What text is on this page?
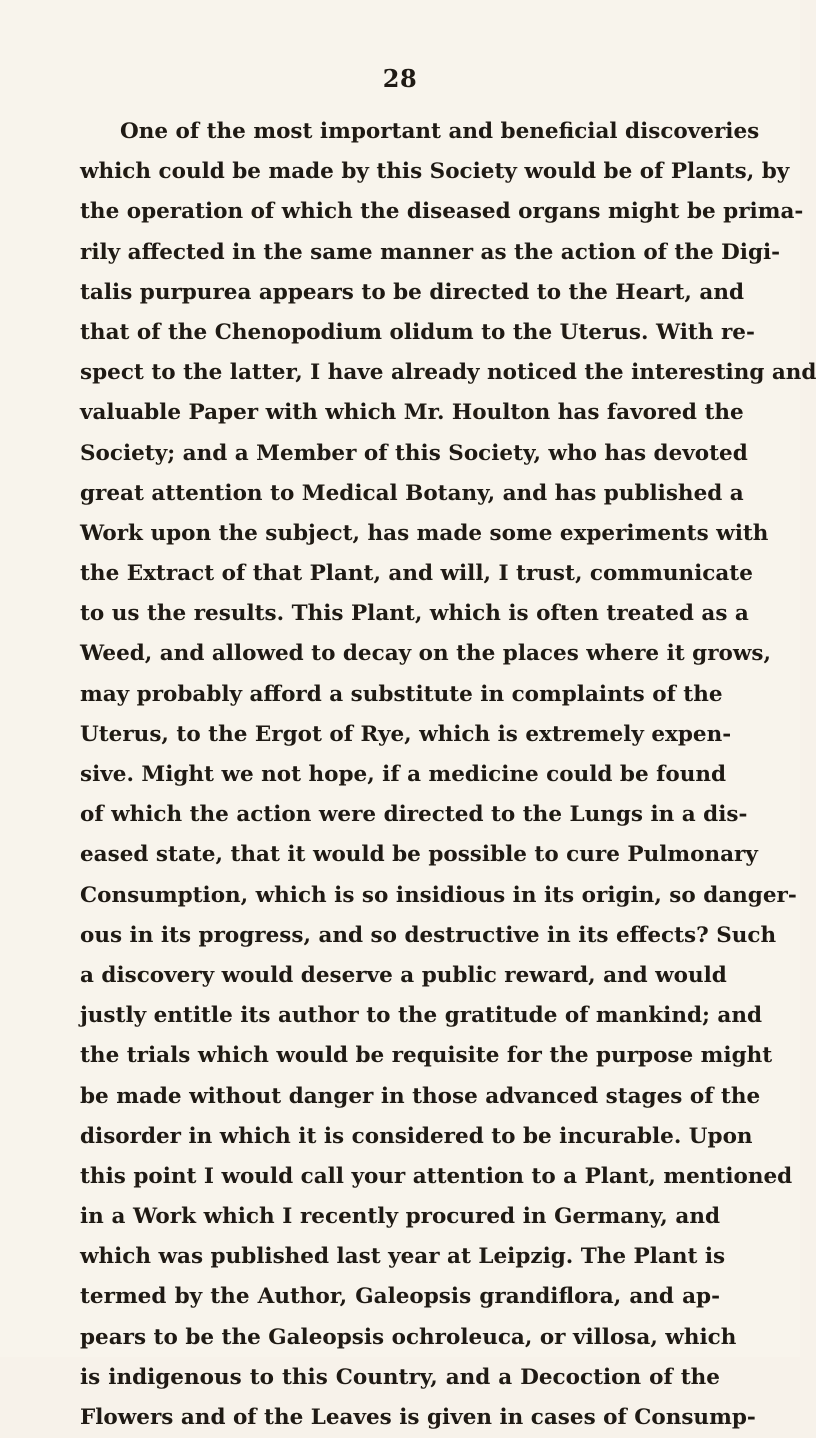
28
One of the most important and beneficial discoveries
which could be made by this Society would be of Plants, by
the operation of which the diseased organs might be prima-
rily affected in the same manner as the action of the Digi-
talis purpurea appears to be directed to the Heart, and
that of the Chenopodium olidum to the Uterus. With re-
spect to the latter, I have already noticed the interesting and
valuable Paper with which Mr. Houlton has favored the
Society; and a Member of this Society, who has devoted
great attention to Medical Botany, and has published a
Work upon the subject, has made some experiments with
the Extract of that Plant, and will, I trust, communicate
to us the results. This Plant, which is often treated as a
Weed, and allowed to decay on the places where it grows,
may probably afford a substitute in complaints of the
Uterus, to the Ergot of Rye, which is extremely expen-
sive. Might we not hope, if a medicine could be found
of which the action were directed to the Lungs in a dis-
eased state, that it would be possible to cure Pulmonary
Consumption, which is so insidious in its origin, so danger-
ous in its progress, and so destructive in its effects? Such
a discovery would deserve a public reward, and would
justly entitle its author to the gratitude of mankind; and
the trials which would be requisite for the purpose might
be made without danger in those advanced stages of the
disorder in which it is considered to be incurable. Upon
this point I would call your attention to a Plant, mentioned
in a Work which I recently procured in Germany, and
which was published last year at Leipzig. The Plant is
termed by the Author, Galeopsis grandiflora, and ap-
pears to be the Galeopsis ochroleuca, or villosa, which
is indigenous to this Country, and a Decoction of the
Flowers and of the Leaves is given in cases of Consump-
